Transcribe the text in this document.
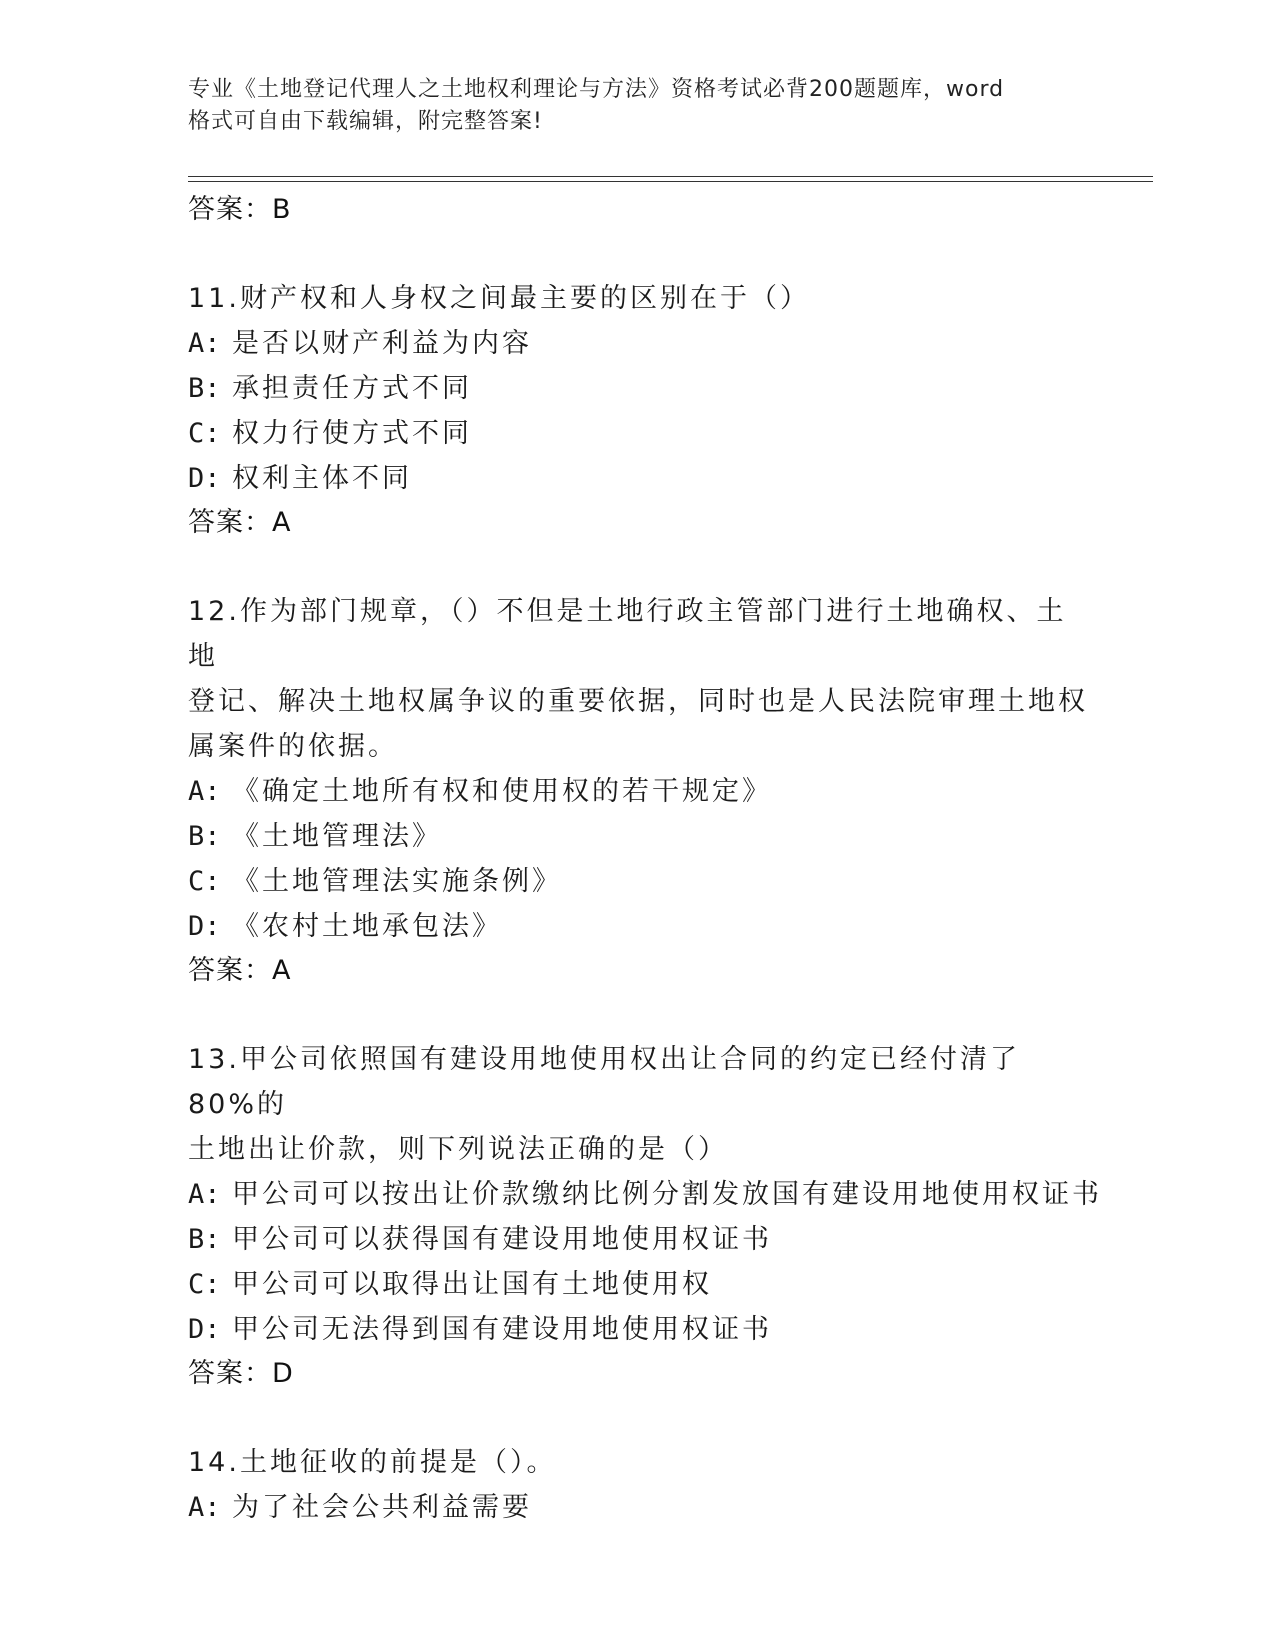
专业《土地登记代理人之土地权利理论与方法》资格考试必背200题题库，word
格式可自由下载编辑，附完整答案!
答案：B
11.财产权和人身权之间最主要的区别在于（）
A: 是否以财产利益为内容
B: 承担责任方式不同
C: 权力行使方式不同
D: 权利主体不同
答案：A
12.作为部门规章，（）不但是土地行政主管部门进行土地确权、土地
登记、解决土地权属争议的重要依据，同时也是人民法院审理土地权
属案件的依据。
A: 《确定土地所有权和使用权的若干规定》
B: 《土地管理法》
C: 《土地管理法实施条例》
D: 《农村土地承包法》
答案：A
13.甲公司依照国有建设用地使用权出让合同的约定已经付清了80%的
土地出让价款，则下列说法正确的是（）
A: 甲公司可以按出让价款缴纳比例分割发放国有建设用地使用权证书
B: 甲公司可以获得国有建设用地使用权证书
C: 甲公司可以取得出让国有土地使用权
D: 甲公司无法得到国有建设用地使用权证书
答案：D
14.土地征收的前提是（）。
A: 为了社会公共利益需要
